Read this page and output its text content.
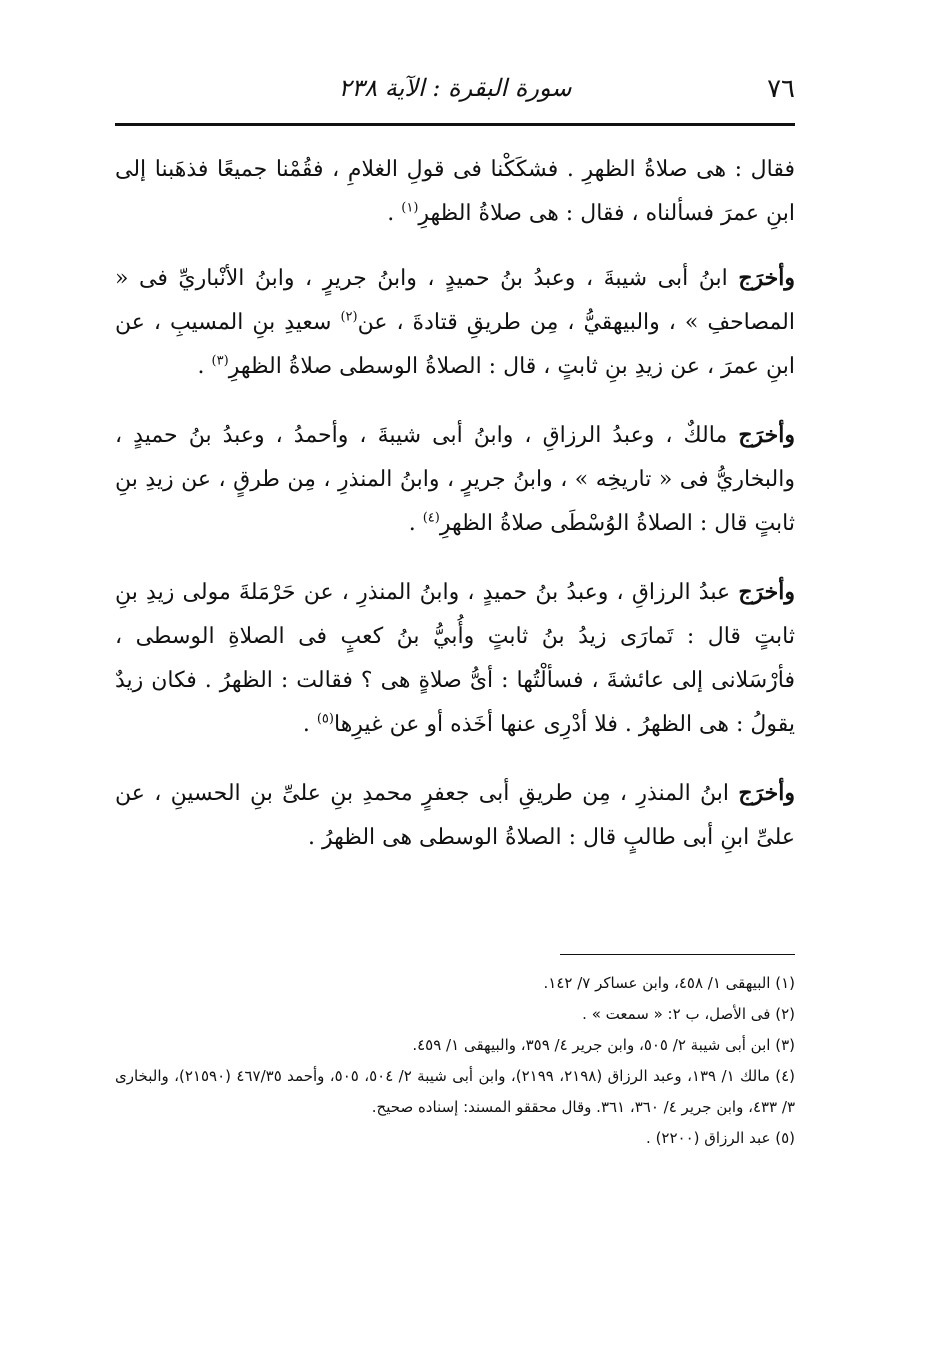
٧٦
سورة البقرة : الآية ٢٣٨

فقال : هى صلاةُ الظهرِ . فشكَكْنا فى قولِ الغلامِ ، فقُمْنا جميعًا فذهَبنا إلى ابنِ عمرَ فسألناه ، فقال : هى صلاةُ الظهرِ$^{(١)}$ .

وأخرَج ابنُ أبى شيبةَ ، وعبدُ بنُ حميدٍ ، وابنُ جريرٍ ، وابنُ الأنْباريِّ فى « المصاحفِ » ، والبيهقيُّ ، مِن طريقِ قتادةَ ، عن$^{(٢)}$ سعيدِ بنِ المسيبِ ، عن ابنِ عمرَ ، عن زيدِ بنِ ثابتٍ ، قال : الصلاةُ الوسطى صلاةُ الظهرِ$^{(٣)}$ .

وأخرَج مالكٌ ، وعبدُ الرزاقِ ، وابنُ أبى شيبةَ ، وأحمدُ ، وعبدُ بنُ حميدٍ ، والبخاريُّ فى « تاريخِه » ، وابنُ جريرٍ ، وابنُ المنذرِ ، مِن طرقٍ ، عن زيدِ بنِ ثابتٍ قال : الصلاةُ الوُسْطَى صلاةُ الظهرِ$^{(٤)}$ .

وأخرَج عبدُ الرزاقِ ، وعبدُ بنُ حميدٍ ، وابنُ المنذرِ ، عن حَرْمَلةَ مولى زيدِ بنِ ثابتٍ قال : تَمارَى زيدُ بنُ ثابتٍ وأُبيُّ بنُ كعبٍ فى الصلاةِ الوسطى ، فأرْسَلانى إلى عائشةَ ، فسألْتُها : أىُّ صلاةٍ هى ؟ فقالت : الظهرُ . فكان زيدٌ يقولُ : هى الظهرُ . فلا أدْرِى عنها أخَذه أو عن غيرِها$^{(٥)}$ .

وأخرَج ابنُ المنذرِ ، مِن طريقِ أبى جعفرٍ محمدِ بنِ علىِّ بنِ الحسينِ ، عن علىِّ ابنِ أبى طالبٍ قال : الصلاةُ الوسطى هى الظهرُ .

(١) البيهقى ١/ ٤٥٨، وابن عساكر ٧/ ١٤٢.

(٢) فى الأصل، ب ٢: « سمعت » .

(٣) ابن أبى شيبة ٢/ ٥٠٥، وابن جرير ٤/ ٣٥٩، والبيهقى ١/ ٤٥٩.

(٤) مالك ١/ ١٣٩، وعبد الرزاق (٢١٩٨، ٢١٩٩)، وابن أبى شيبة ٢/ ٥٠٤، ٥٠٥، وأحمد ٤٦٧/٣٥ (٢١٥٩٠)، والبخارى ٣/ ٤٣٣، وابن جرير ٤/ ٣٦٠، ٣٦١. وقال محققو المسند: إسناده صحيح.

(٥) عبد الرزاق (٢٢٠٠) .
